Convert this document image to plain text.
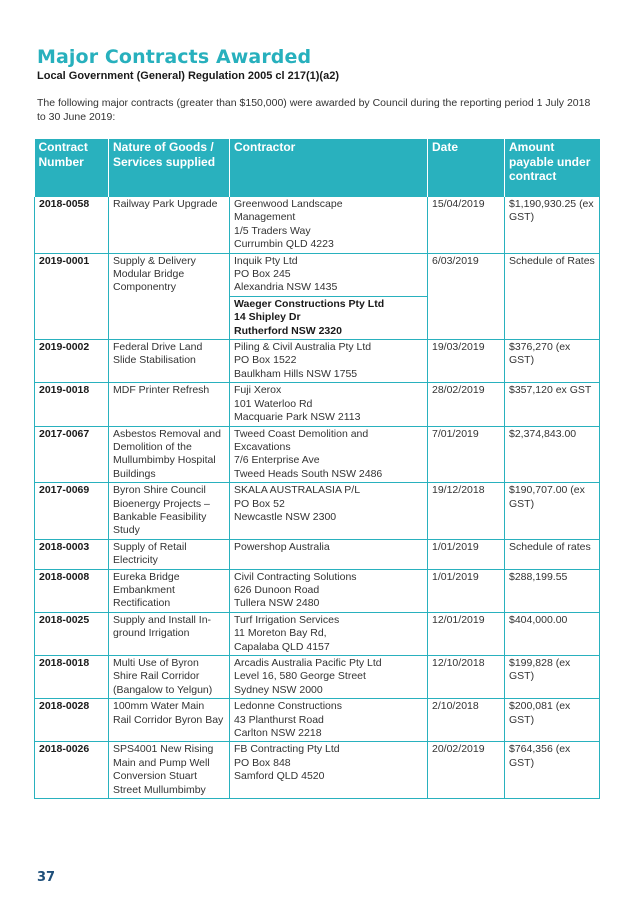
Major Contracts Awarded

Local Government (General) Regulation 2005 cl 217(1)(a2)

The following major contracts (greater than $150,000) were awarded by Council during the reporting period 1 July 2018 to 30 June 2019:

Contract Number	Nature of Goods / Services supplied	Contractor	Date	Amount payable under contract
2018-0058	Railway Park Upgrade	Greenwood Landscape
Management
1/5 Traders Way
Currumbin QLD 4223	15/04/2019	$1,190,930.25 (ex GST)
2019-0001	Supply & Delivery Modular Bridge Componentry	Inquik Pty Ltd
PO Box 245
Alexandria NSW 1435	6/03/2019	Schedule of Rates
		Waeger Constructions Pty Ltd
14 Shipley Dr
Rutherford NSW 2320		
2019-0002	Federal Drive Land Slide Stabilisation	Piling & Civil Australia Pty Ltd
PO Box 1522
Baulkham Hills NSW 1755	19/03/2019	$376,270 (ex GST)
2019-0018	MDF Printer Refresh	Fuji Xerox
101 Waterloo Rd
Macquarie Park NSW 2113	28/02/2019	$357,120 ex GST
2017-0067	Asbestos Removal and Demolition of the Mullumbimby Hospital Buildings	Tweed Coast Demolition and
Excavations
7/6 Enterprise Ave
Tweed Heads South NSW 2486	7/01/2019	$2,374,843.00
2017-0069	Byron Shire Council Bioenergy Projects – Bankable Feasibility Study	SKALA AUSTRALASIA P/L
PO Box 52
Newcastle NSW 2300	19/12/2018	$190,707.00 (ex GST)
2018-0003	Supply of Retail Electricity	Powershop Australia	1/01/2019	Schedule of rates
2018-0008	Eureka Bridge Embankment Rectification	Civil Contracting Solutions
626 Dunoon Road
Tullera NSW 2480	1/01/2019	$288,199.55
2018-0025	Supply and Install In-ground Irrigation	Turf Irrigation Services
11 Moreton Bay Rd,
Capalaba QLD 4157	12/01/2019	$404,000.00
2018-0018	Multi Use of Byron Shire Rail Corridor (Bangalow to Yelgun)	Arcadis Australia Pacific Pty Ltd
Level 16, 580 George Street
Sydney NSW 2000	12/10/2018	$199,828 (ex GST)
2018-0028	100mm Water Main Rail Corridor Byron Bay	Ledonne Constructions
43 Planthurst Road
Carlton NSW 2218	2/10/2018	$200,081 (ex GST)
2018-0026	SPS4001 New Rising Main and Pump Well Conversion Stuart Street Mullumbimby	FB Contracting Pty Ltd
PO Box 848
Samford QLD 4520	20/02/2019	$764,356 (ex GST)

37
